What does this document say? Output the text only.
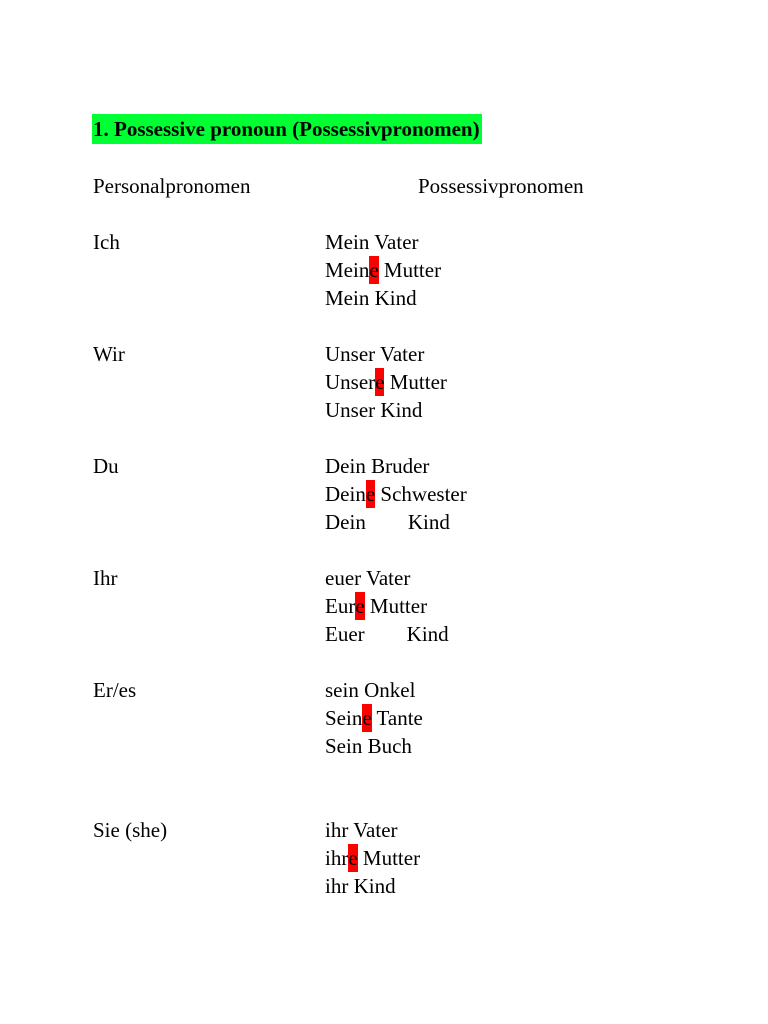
1. Possessive pronoun (Possessivpronomen)
Personalpronomen	Possessivpronomen
Ich	Mein Vater
Meine Mutter
Mein Kind
Wir	Unser Vater
Unsere Mutter
Unser Kind
Du	Dein Bruder
Deine Schwester
Dein Kind
Ihr	euer Vater
Eure Mutter
Euer Kind
Er/es	sein Onkel
Seine Tante
Sein Buch
Sie (she)	ihr Vater
ihre Mutter
ihr Kind
